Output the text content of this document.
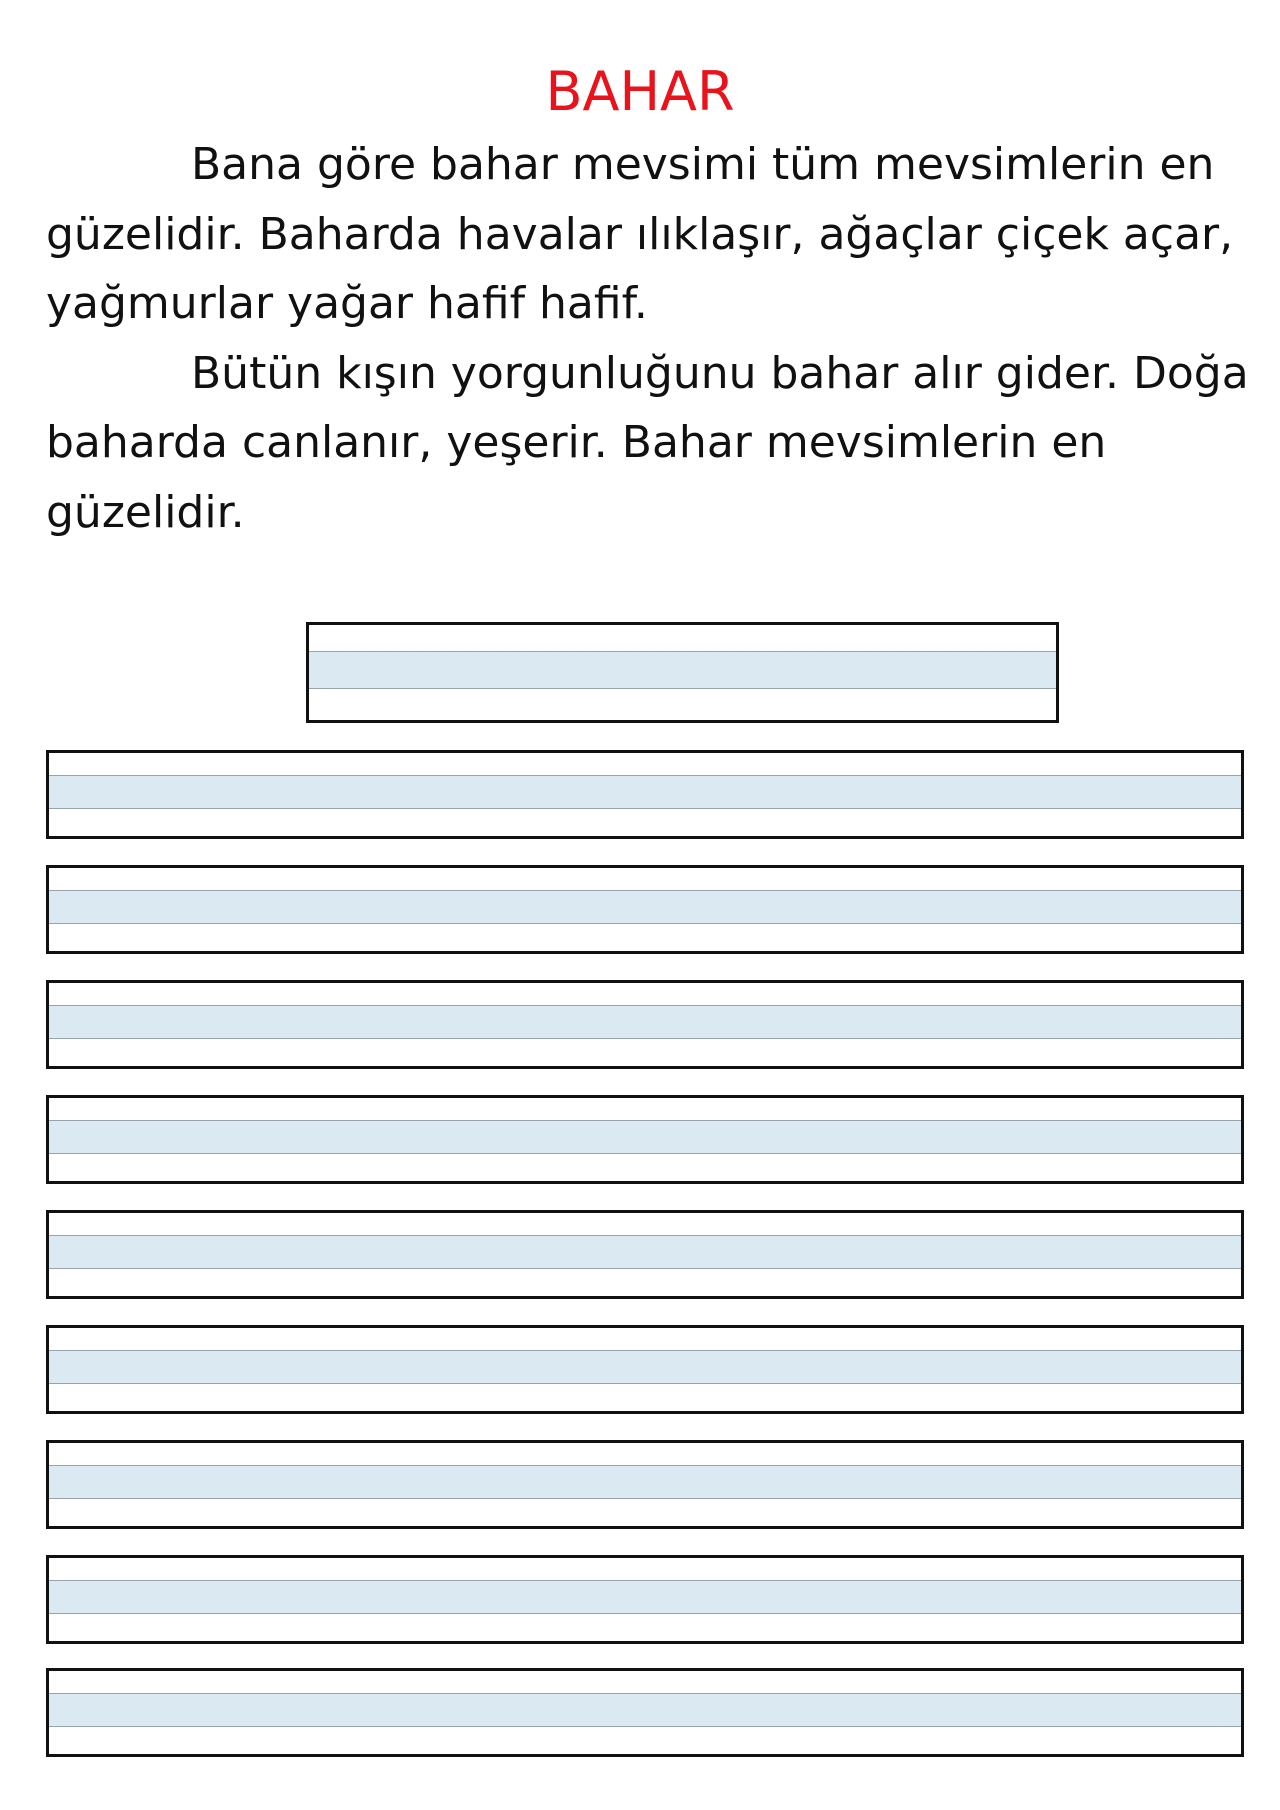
BAHAR

Bana göre bahar mevsimi tüm mevsimlerin en
güzelidir. Baharda havalar ılıklaşır, ağaçlar çiçek açar,
yağmurlar yağar hafif hafif.

Bütün kışın yorgunluğunu bahar alır gider. Doğa
baharda canlanır, yeşerir. Bahar mevsimlerin en
güzelidir.
